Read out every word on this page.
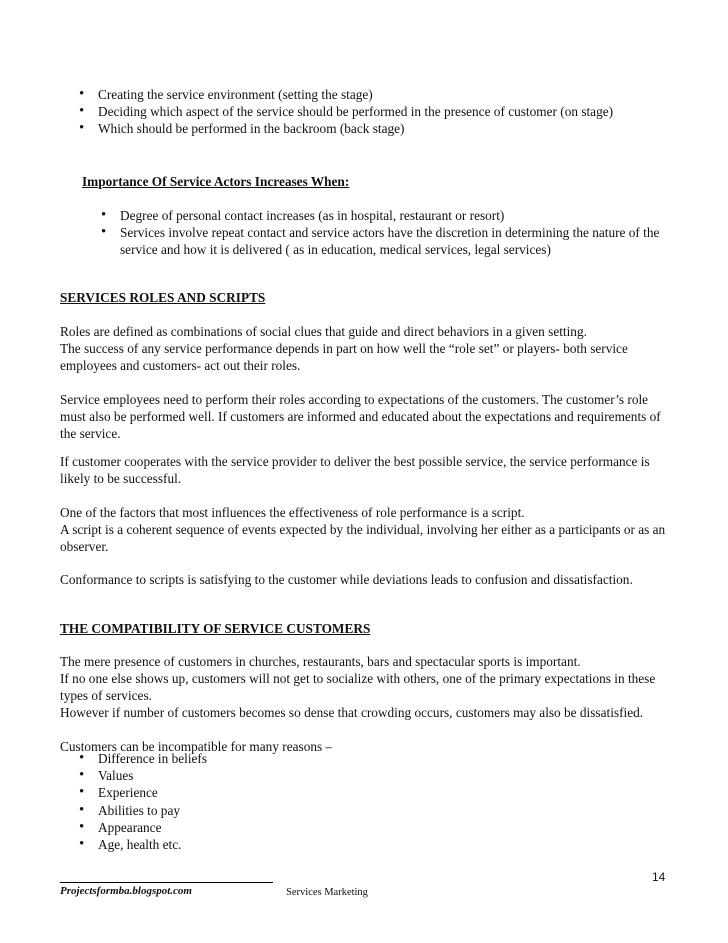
• Creating the service environment (setting the stage)
• Deciding which aspect of the service should be performed in the presence of customer (on stage)
• Which should be performed in the backroom (back stage)
Importance Of Service Actors Increases When:
• Degree of personal contact increases (as in hospital, restaurant or resort)
• Services involve repeat contact and service actors have the discretion in determining the nature of the service and how it is delivered ( as in education, medical services, legal services)
SERVICES ROLES AND SCRIPTS
Roles are defined as combinations of social clues that guide and direct behaviors in a given setting.
The success of any service performance depends in part on how well the “role set” or players- both service employees and customers- act out their roles.
Service employees need to perform their roles according to expectations of the customers. The customer’s role must also be performed well. If customers are informed and educated about the expectations and requirements of the service.
If customer cooperates with the service provider to deliver the best possible service, the service performance is likely to be successful.
One of the factors that most influences the effectiveness of role performance is a script.
A script is a coherent sequence of events expected by the individual, involving her either as a participants or as an observer.
Conformance to scripts is satisfying to the customer while deviations leads to confusion and dissatisfaction.
THE COMPATIBILITY OF SERVICE CUSTOMERS
The mere presence of customers in churches, restaurants, bars and spectacular sports is important.
If no one else shows up, customers will not get to socialize with others, one of the primary expectations in these types of services.
However if number of customers becomes so dense that crowding occurs, customers may also be dissatisfied.
Customers can be incompatible for many reasons –
• Difference in beliefs
• Values
• Experience
• Abilities to pay
• Appearance
• Age, health etc.
14
Projectsformba.blogspot.com	Services Marketing
